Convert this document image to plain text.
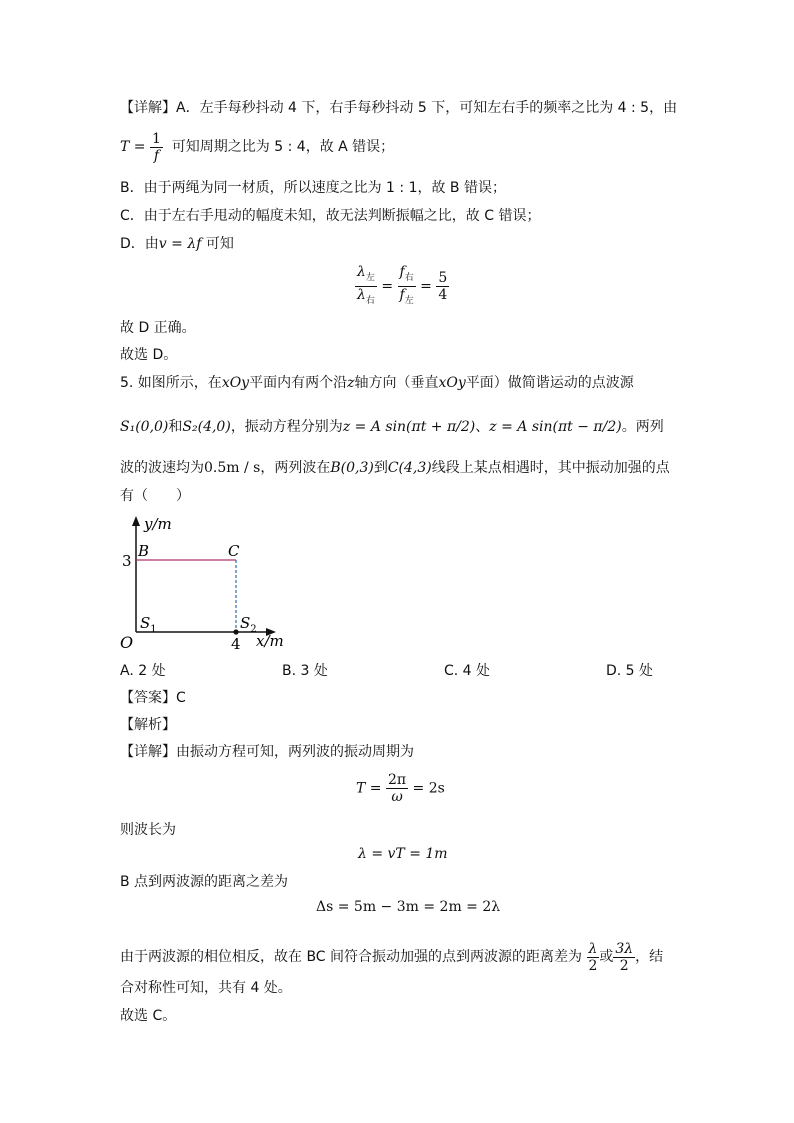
【详解】A．左手每秒抖动 4 下，右手每秒抖动 5 下，可知左右手的频率之比为 4 : 5，由
$T = \frac{1}{f}$ 可知周期之比为 5 : 4，故 A 错误；
B．由于两绳为同一材质，所以速度之比为 1 : 1，故 B 错误；
C．由于左右手甩动的幅度未知，故无法判断振幅之比，故 C 错误；
D．由v = λf 可知
$\frac{\lambda_左}{\lambda_右} = \frac{f_右}{f_左} = \frac{5}{4}$
故 D 正确。
故选 D。
5. 如图所示，在xOy平面内有两个沿z轴方向（垂直xOy平面）做简谐运动的点波源
S₁(0,0)和S₂(4,0)，振动方程分别为z = A sin(πt + π/2)、z = A sin(πt − π/2)。两列
波的波速均为0.5m / s，两列波在B(0,3)到C(4,3)线段上某点相遇时，其中振动加强的点
有（　　）
y/m
B	C
3
$S_1$	$S_2$
O	4 x/m
A. 2 处	B. 3 处	C. 4 处	D. 5 处
【答案】C
【解析】
【详解】由振动方程可知，两列波的振动周期为
$T = \frac{2\pi}{\omega} = 2s$
则波长为
λ = vT = 1m
B 点到两波源的距离之差为
Δs = 5m − 3m = 2m = 2λ
由于两波源的相位相反，故在 BC 间符合振动加强的点到两波源的距离差为 $\frac{\lambda}{2}$ 或 $\frac{3\lambda}{2}$ ，结
合对称性可知，共有 4 处。
故选 C。
